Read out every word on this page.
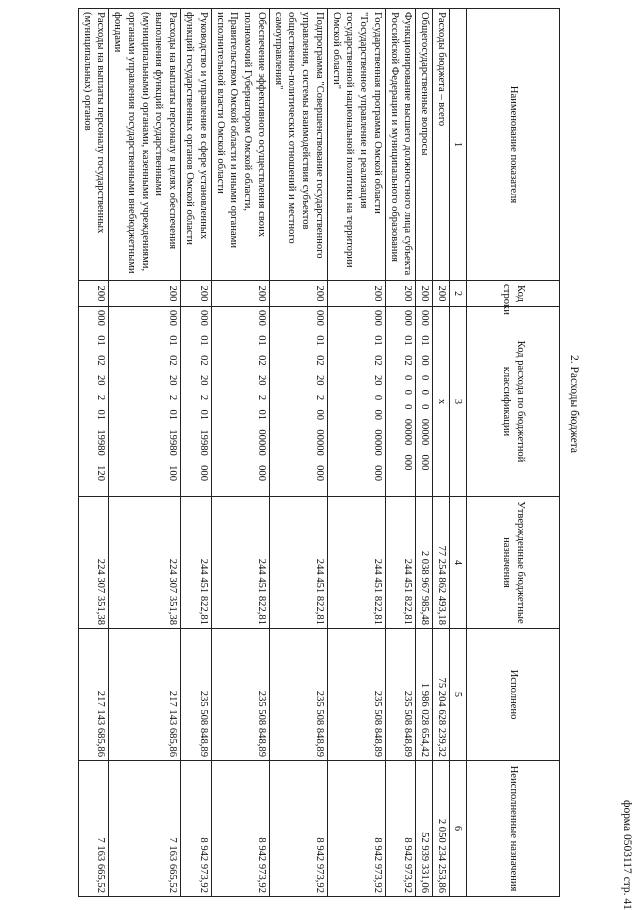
форма 0503117 стр. 41
2. Расходы бюджета
Наименование показателя	Код строки	Код расхода по бюджетной классификации	Утвержденные бюджетные назначения	Исполнено	Неисполненные назначения
1	2	3	4	5	6
Расходы бюджета – всего	200	x	77 254 862 493,18	75 204 628 239,32	2 050 234 253,86
Общегосударственные вопросы	200	000  01  00  0  0  0  00000  000	2 038 967 985,48	1 986 028 654,42	52 939 331,06
Функционирование высшего должностного лица субъекта Российской Федерации и муниципального образования	200	000  01  02  0  0  0  00000  000	244 451 822,81	235 508 848,89	8 942 973,92
Государственная программа Омской области "Государственное управление и реализация государственной национальной политики на территории Омской области"	200	000  01  02  20  0  00  00000  000	244 451 822,81	235 508 848,89	8 942 973,92
Подпрограмма "Совершенствование государственного управления, системы взаимодействия субъектов общественно-политических отношений и местного самоуправления"	200	000  01  02  20  2  00  00000  000	244 451 822,81	235 508 848,89	8 942 973,92
Обеспечение эффективного осуществления своих полномочий Губернатором Омской области, Правительством Омской области и иными органами исполнительной власти Омской области	200	000  01  02  20  2  01  00000  000	244 451 822,81	235 508 848,89	8 942 973,92
Руководство и управление в сфере установленных функций государственных органов Омской области	200	000  01  02  20  2  01  19980  000	244 451 822,81	235 508 848,89	8 942 973,92
Расходы на выплаты персоналу в целях обеспечения выполнения функций государственными (муниципальными) органами, казенными учреждениями, органами управления государственными внебюджетными фондами	200	000  01  02  20  2  01  19980  100	224 307 351,38	217 143 685,86	7 163 665,52
Расходы на выплаты персоналу государственных (муниципальных) органов	200	000  01  02  20  2  01  19980  120	224 307 351,38	217 143 685,86	7 163 665,52
